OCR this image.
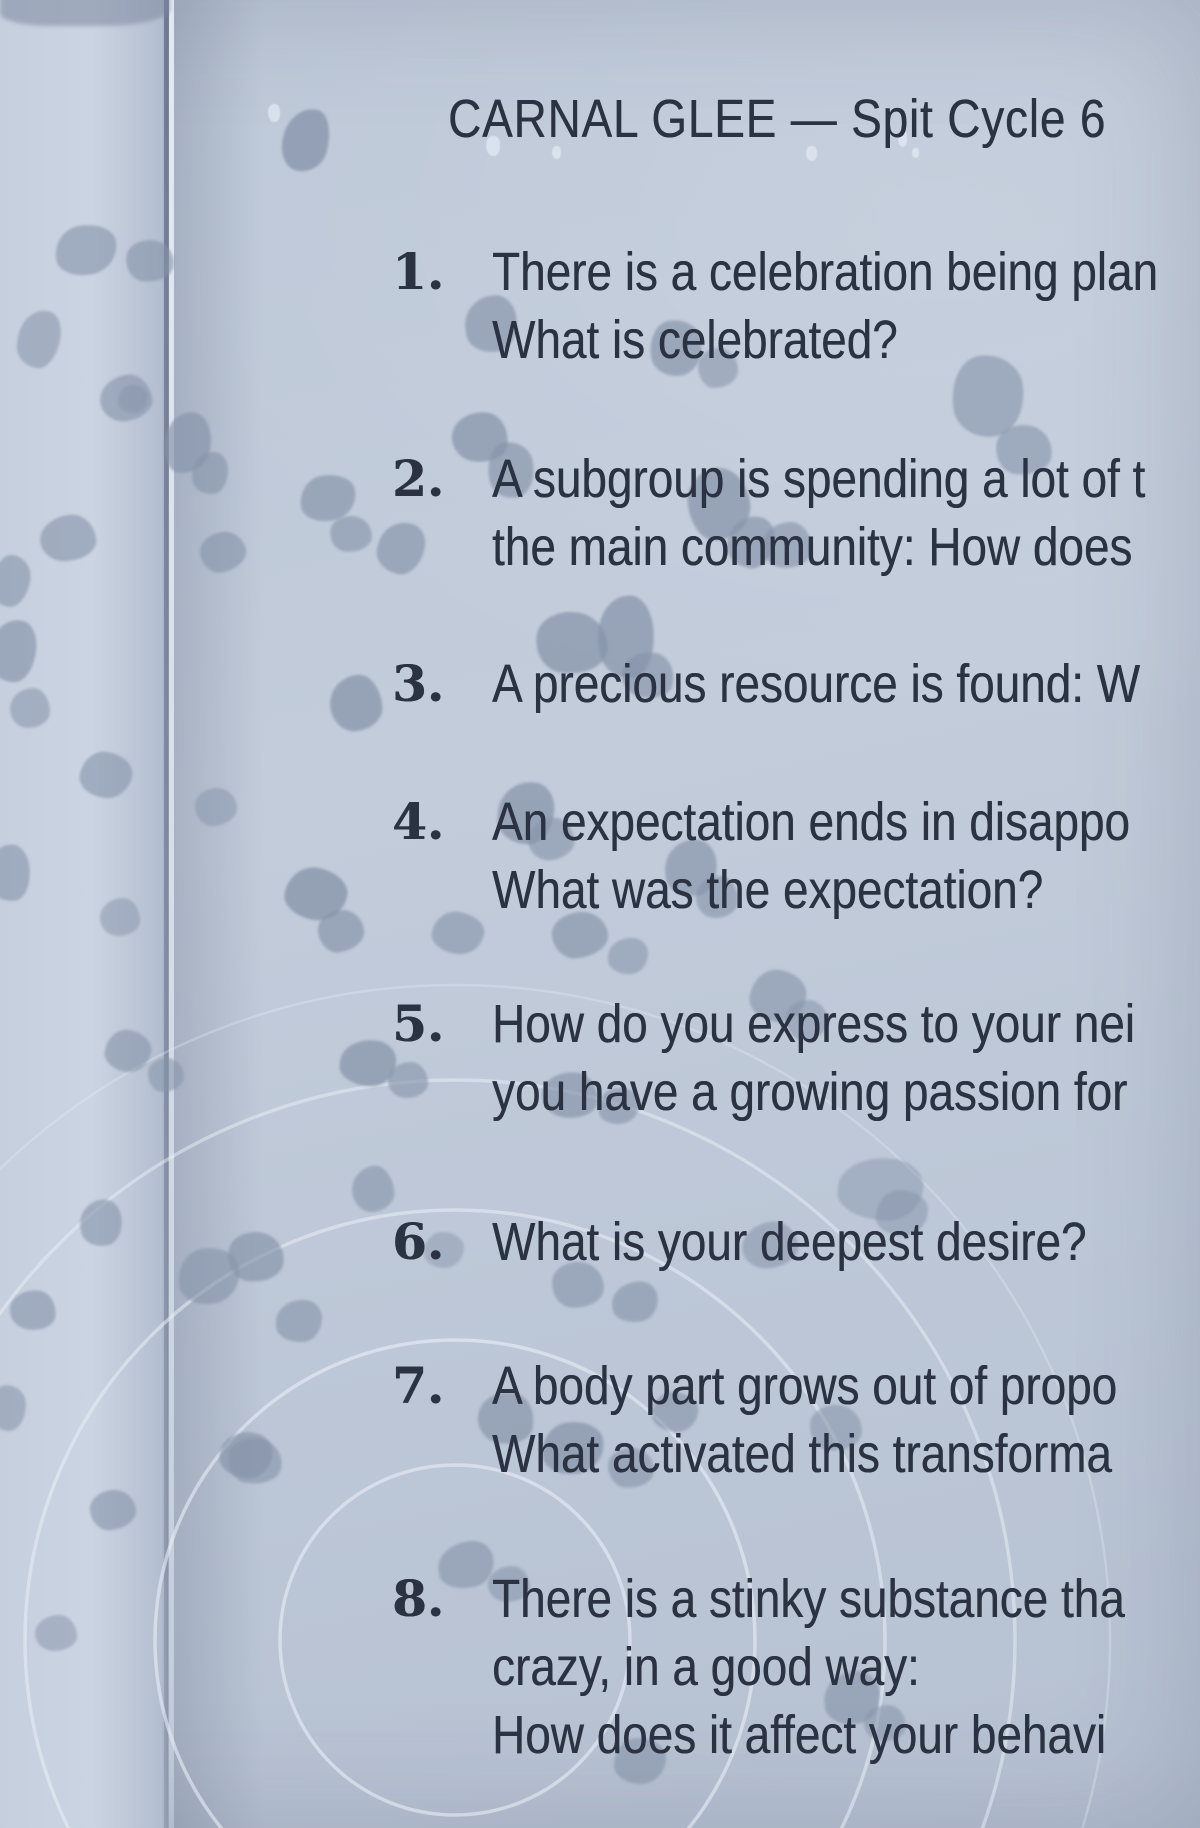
CARNAL GLEE — Spit Cycle 6
1. There is a celebration being plan
What is celebrated?
2. A subgroup is spending a lot of t
the main community: How does
3. A precious resource is found: W
4. An expectation ends in disappo
What was the expectation?
5. How do you express to your nei
you have a growing passion for
6. What is your deepest desire?
7. A body part grows out of propo
What activated this transforma
8. There is a stinky substance tha
crazy, in a good way:
How does it affect your behavi
